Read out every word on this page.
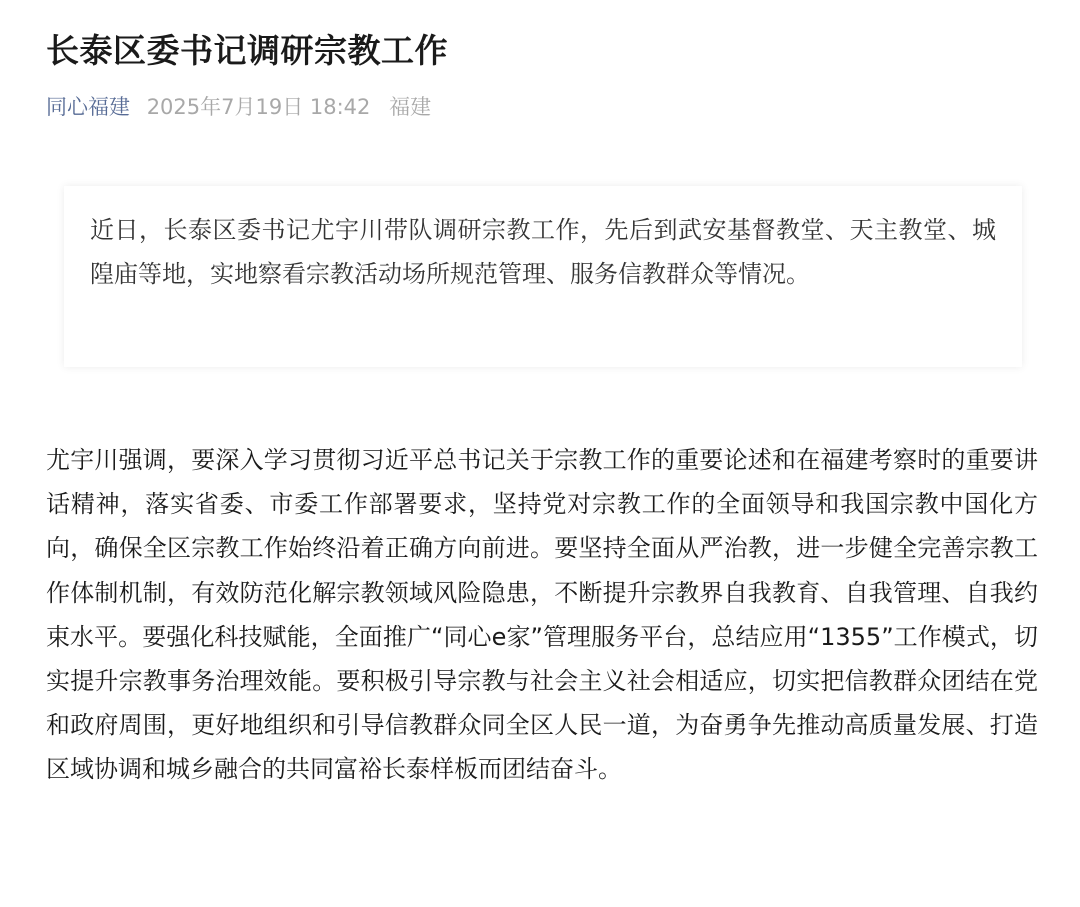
长泰区委书记调研宗教工作
同心福建 2025年7月19日 18:42 福建

近日，长泰区委书记尤宇川带队调研宗教工作，先后到武安基督教堂、天主教堂、城隍庙等地，实地察看宗教活动场所规范管理、服务信教群众等情况。

尤宇川强调，要深入学习贯彻习近平总书记关于宗教工作的重要论述和在福建考察时的重要讲话精神，落实省委、市委工作部署要求，坚持党对宗教工作的全面领导和我国宗教中国化方向，确保全区宗教工作始终沿着正确方向前进。要坚持全面从严治教，进一步健全完善宗教工作体制机制，有效防范化解宗教领域风险隐患，不断提升宗教界自我教育、自我管理、自我约束水平。要强化科技赋能，全面推广“同心e家”管理服务平台，总结应用“1355”工作模式，切实提升宗教事务治理效能。要积极引导宗教与社会主义社会相适应，切实把信教群众团结在党和政府周围，更好地组织和引导信教群众同全区人民一道，为奋勇争先推动高质量发展、打造区域协调和城乡融合的共同富裕长泰样板而团结奋斗。
